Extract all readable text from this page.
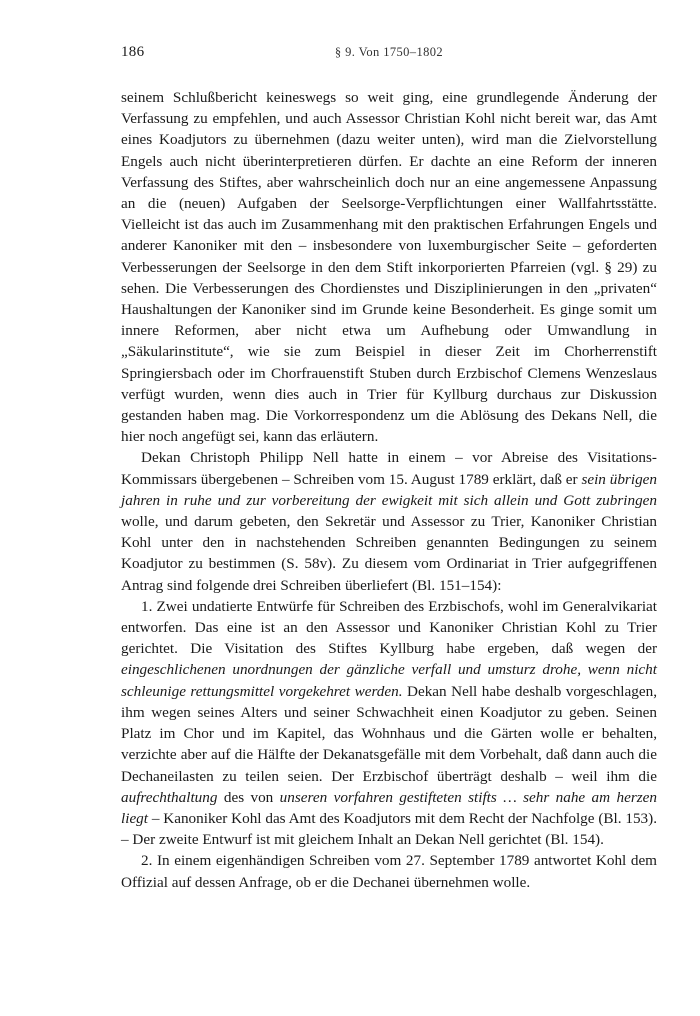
186	§ 9. Von 1750–1802

seinem Schlußbericht keineswegs so weit ging, eine grundlegende Änderung der Verfassung zu empfehlen, und auch Assessor Christian Kohl nicht bereit war, das Amt eines Koadjutors zu übernehmen (dazu weiter unten), wird man die Zielvorstellung Engels auch nicht überinterpretieren dürfen. Er dachte an eine Reform der inneren Verfassung des Stiftes, aber wahrscheinlich doch nur an eine angemessene Anpassung an die (neuen) Aufgaben der Seelsorge-Verpflichtungen einer Wallfahrtsstätte. Vielleicht ist das auch im Zusammenhang mit den praktischen Erfahrungen Engels und anderer Kanoniker mit den – insbesondere von luxemburgischer Seite – geforderten Verbesserungen der Seelsorge in den dem Stift inkorporierten Pfarreien (vgl. § 29) zu sehen. Die Verbesserungen des Chordienstes und Disziplinierungen in den „privaten“ Haushaltungen der Kanoniker sind im Grunde keine Besonderheit. Es ginge somit um innere Reformen, aber nicht etwa um Aufhebung oder Umwandlung in „Säkularinstitute“, wie sie zum Beispiel in dieser Zeit im Chorherrenstift Springiersbach oder im Chorfrauenstift Stuben durch Erzbischof Clemens Wenzeslaus verfügt wurden, wenn dies auch in Trier für Kyllburg durchaus zur Diskussion gestanden haben mag. Die Vorkorrespondenz um die Ablösung des Dekans Nell, die hier noch angefügt sei, kann das erläutern.

Dekan Christoph Philipp Nell hatte in einem – vor Abreise des Visitations-Kommissars übergebenen – Schreiben vom 15. August 1789 erklärt, daß er sein übrigen jahren in ruhe und zur vorbereitung der ewigkeit mit sich allein und Gott zubringen wolle, und darum gebeten, den Sekretär und Assessor zu Trier, Kanoniker Christian Kohl unter den in nachstehenden Schreiben genannten Bedingungen zu seinem Koadjutor zu bestimmen (S. 58v). Zu diesem vom Ordinariat in Trier aufgegriffenen Antrag sind folgende drei Schreiben überliefert (Bl. 151–154):

1. Zwei undatierte Entwürfe für Schreiben des Erzbischofs, wohl im Generalvikariat entworfen. Das eine ist an den Assessor und Kanoniker Christian Kohl zu Trier gerichtet. Die Visitation des Stiftes Kyllburg habe ergeben, daß wegen der eingeschlichenen unordnungen der gänzliche verfall und umsturz drohe, wenn nicht schleunige rettungsmittel vorgekehret werden. Dekan Nell habe deshalb vorgeschlagen, ihm wegen seines Alters und seiner Schwachheit einen Koadjutor zu geben. Seinen Platz im Chor und im Kapitel, das Wohnhaus und die Gärten wolle er behalten, verzichte aber auf die Hälfte der Dekanatsgefälle mit dem Vorbehalt, daß dann auch die Dechaneilasten zu teilen seien. Der Erzbischof überträgt deshalb – weil ihm die aufrechthaltung des von unseren vorfahren gestifteten stifts … sehr nahe am herzen liegt – Kanoniker Kohl das Amt des Koadjutors mit dem Recht der Nachfolge (Bl. 153). – Der zweite Entwurf ist mit gleichem Inhalt an Dekan Nell gerichtet (Bl. 154).

2. In einem eigenhändigen Schreiben vom 27. September 1789 antwortet Kohl dem Offizial auf dessen Anfrage, ob er die Dechanei übernehmen wolle.
